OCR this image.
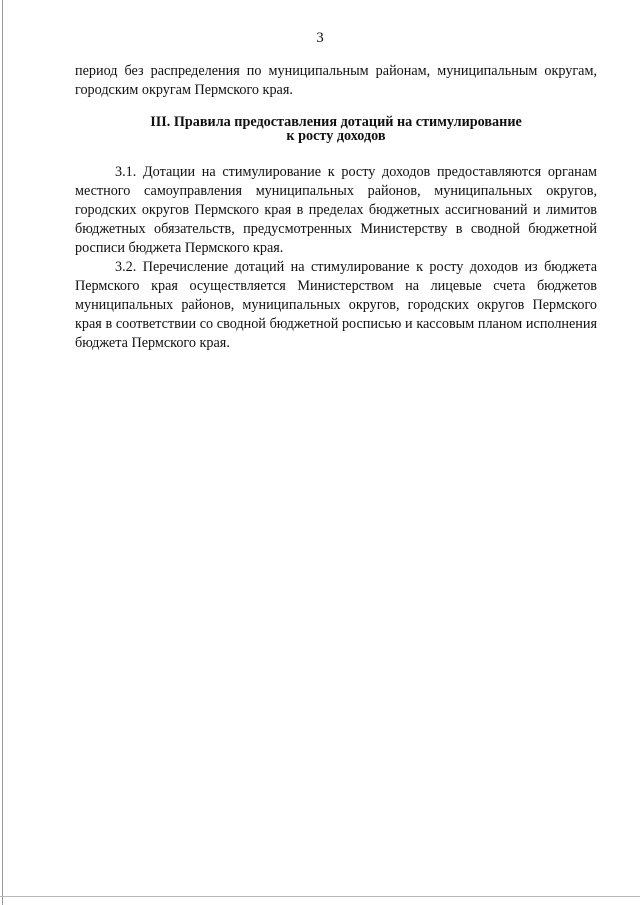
3

период без распределения по муниципальным районам, муниципальным округам, городским округам Пермского края.

III. Правила предоставления дотаций на стимулирование
к росту доходов

3.1. Дотации на стимулирование к росту доходов предоставляются органам местного самоуправления муниципальных районов, муниципальных округов, городских округов Пермского края в пределах бюджетных ассигнований и лимитов бюджетных обязательств, предусмотренных Министерству в сводной бюджетной росписи бюджета Пермского края.

3.2. Перечисление дотаций на стимулирование к росту доходов из бюджета Пермского края осуществляется Министерством на лицевые счета бюджетов муниципальных районов, муниципальных округов, городских округов Пермского края в соответствии со сводной бюджетной росписью и кассовым планом исполнения бюджета Пермского края.
